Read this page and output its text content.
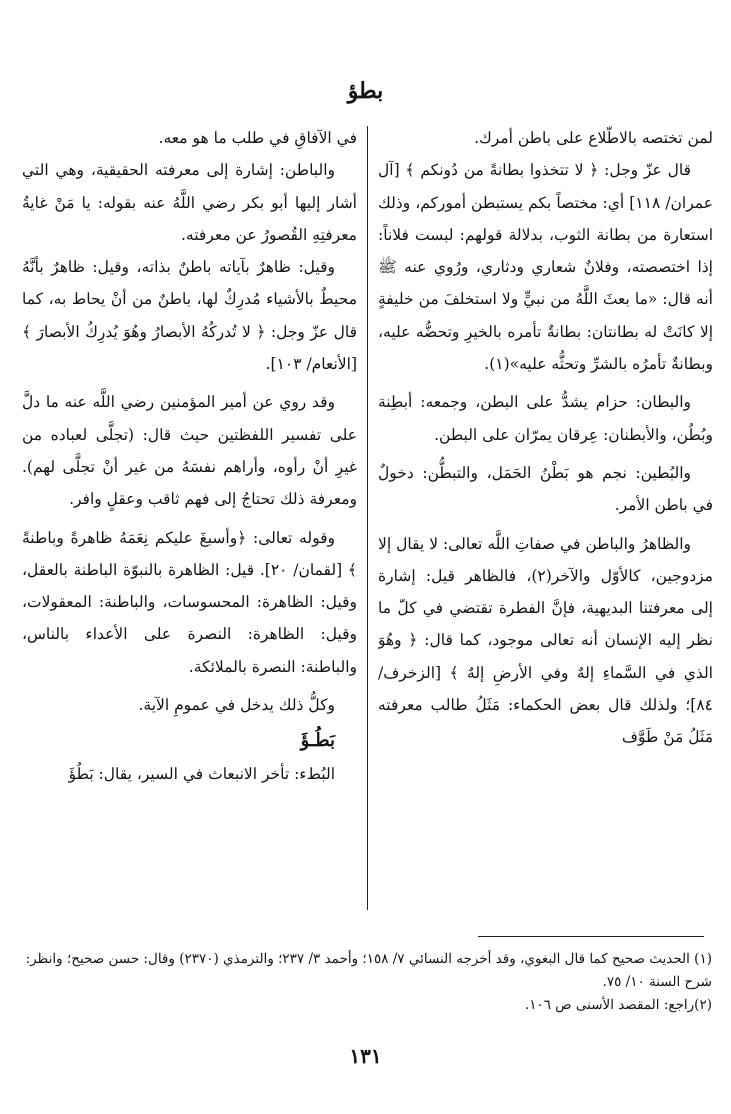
بطؤ

لمن تختصه بالاطّلاع على باطن أمرك.

قال عزّ وجل: ﴿ لا تتخذوا بطانةً من دُونكم ﴾ [آل عمران/ ١١٨] أي: مختصاً بكم يستبطن أموركم، وذلك استعارة من بطانة الثوب، بدلالة قولهم: لبست فلاناً: إذا اختصصته، وفلانٌ شعاري ودثاري، ورُوي عنه ﷺ أنه قال: «ما بعثَ اللَّهُ من نبيٍّ ولا استخلفَ من خليفةٍ إلا كانَتْ له بطانتان: بطانةٌ تأمره بالخيرِ وتحضُّه عليه، وبطانةٌ تأمرُه بالشرِّ وتحثُّه عليه»(١).

والبطان: حزام يشدُّ على البطن، وجمعه: أبطِنة وبُطُن، والأبطنان: عِرقان يمرّان على البطن.

والبُطين: نجم هو بَطْنُ الحَمَل، والتبطُّن: دخولٌ في باطن الأمر.

والظاهرُ والباطن في صفاتِ اللَّه تعالى: لا يقال إلا مزدوجين، كالأوّل والآخر(٢)، فالظاهر قيل: إشارة إلى معرفتنا البديهية، فإنَّ الفطرة تقتضي في كلّ ما نظر إليه الإنسان أنه تعالى موجود، كما قال: ﴿ وهُوَ الذي في السَّماءِ إلهٌ وفي الأرضِ إلهٌ ﴾ [الزخرف/ ٨٤]؛ ولذلك قال بعض الحكماء: مَثَلُ طالب معرفته مَثَلُ مَنْ طَوَّف

في الآفاقِ في طلب ما هو معه.

والباطن: إشارة إلى معرفته الحقيقية، وهي التي أشار إليها أبو بكر رضي اللَّهُ عنه بقوله: يا مَنْ غايةُ معرفتِهِ القُصورُ عن معرفته.

وقيل: ظاهرٌ بآياته باطنٌ بذاته، وقيل: ظاهرٌ بأنَّهُ محيطٌ بالأشياء مُدرِكٌ لها، باطنٌ من أنْ يحاط به، كما قال عزّ وجل: ﴿ لا تُدركُهُ الأبصارُ وهُوَ يُدرِكُ الأبصارَ ﴾ [الأنعام/ ١٠٣].

وقد روي عن أمير المؤمنين رضي اللَّه عنه ما دلَّ على تفسير اللفظتين حيث قال: (تجلَّى لعباده من غيرِ أنْ رأوه، وأراهم نفسَهُ من غير أنْ تجلَّى لهم). ومعرفة ذلك تحتاجُ إلى فهم ثاقب وعقلٍ وافر.

وقوله تعالى: ﴿وأسبغَ عليكم نِعَمَهُ ظاهرةً وباطنةً ﴾ [لقمان/ ٢٠]. قيل: الظاهرة بالنبوّة الباطنة بالعقل، وقيل: الظاهرة: المحسوسات، والباطنة: المعقولات، وقيل: الظاهرة: النصرة على الأعداء بالناس، والباطنة: النصرة بالملائكة.

وكلُّ ذلك يدخل في عمومِ الآية.

بَطُـؤَ

البُطء: تأخر الانبعاث في السير، يقال: بَطُؤَ

(١) الحديث صحيح كما قال البغوي، وقد أخرجه النسائي ٧/ ١٥٨؛ وأحمد ٣/ ٢٣٧؛ والترمذي (٢٣٧٠) وقال: حسن صحيح؛ وانظر: شرح السنة ١٠/ ٧٥.

(٢)راجع: المقصد الأسنى ص ١٠٦.

١٣١
